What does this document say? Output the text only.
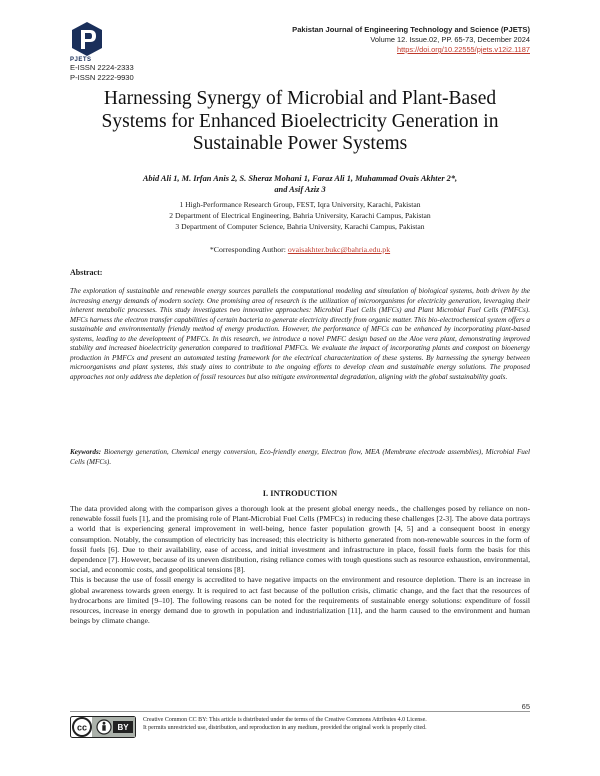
PJETS
E-ISSN 2224-2333
P-ISSN 2222-9930
Pakistan Journal of Engineering Technology and Science (PJETS)
Volume 12. Issue.02, PP. 65-73, December 2024
https://doi.org/10.22555/pjets.v12i2.1187
Harnessing Synergy of Microbial and Plant-Based Systems for Enhanced Bioelectricity Generation in Sustainable Power Systems
Abid Ali 1, M. Irfan Anis 2, S. Sheraz Mohani 1, Faraz Ali 1, Muhammad Ovais Akhter 2*,
and Asif Aziz 3
1 High-Performance Research Group, FEST, Iqra University, Karachi, Pakistan
2 Department of Electrical Engineering, Bahria University, Karachi Campus, Pakistan
3 Department of Computer Science, Bahria University, Karachi Campus, Pakistan
*Corresponding Author: ovaisakhter.bukc@bahria.edu.pk
Abstract:
The exploration of sustainable and renewable energy sources parallels the computational modeling and simulation of biological systems, both driven by the increasing energy demands of modern society. One promising area of research is the utilization of microorganisms for electricity generation, leveraging their inherent metabolic processes. This study investigates two innovative approaches: Microbial Fuel Cells (MFCs) and Plant Microbial Fuel Cells (PMFCs). MFCs harness the electron transfer capabilities of certain bacteria to generate electricity directly from organic matter. This bio-electrochemical system offers a sustainable and environmentally friendly method of energy production. However, the performance of MFCs can be enhanced by incorporating plant-based systems, leading to the development of PMFCs. In this research, we introduce a novel PMFC design based on the Aloe vera plant, demonstrating improved stability and increased bioelectricity generation compared to traditional PMFCs. We evaluate the impact of incorporating plants and compost on bioenergy production in PMFCs and present an automated testing framework for the electrical characterization of these systems. By harnessing the synergy between microorganisms and plant systems, this study aims to contribute to the ongoing efforts to develop clean and sustainable energy solutions. The proposed approaches not only address the depletion of fossil resources but also mitigate environmental degradation, aligning with the global sustainability goals.
Keywords: Bioenergy generation, Chemical energy conversion, Eco-friendly energy, Electron flow, MEA (Membrane electrode assemblies), Microbial Fuel Cells (MFCs).
I. INTRODUCTION

The data provided along with the comparison gives a thorough look at the present global energy needs., the challenges posed by reliance on non-renewable fossil fuels [1], and the promising role of Plant-Microbial Fuel Cells (PMFCs) in reducing these challenges [2-3]. The above data portrays a world that is experiencing general improvement in well-being, hence faster population growth [4, 5] and a consequent boost in energy consumption. Notably, the consumption of electricity has increased; this electricity is hitherto generated from non-renewable sources in the form of fossil fuels [6]. Due to their availability, ease of access, and initial investment and infrastructure in place, fossil fuels form the basis for this dependence [7]. However, because of its uneven distribution, rising reliance comes with tough questions such as resource exhaustion, environmental, social, and economic costs, and geopolitical tensions [8].

This is because the use of fossil energy is accredited to have negative impacts on the environment and resource depletion. There is an increase in global awareness towards green energy. It is required to act fast because of the pollution crisis, climatic change, and the fact that the resources of hydrocarbons are limited [9–10]. The following reasons can be noted for the requirements of sustainable energy solutions: expenditure of fossil resources, increase in energy demand due to growth in population and industrialization [11], and the harm caused to the environment and human beings by climate change.

65
cc	BY
Creative Common CC BY: This article is distributed under the terms of the Creative Commons Attributes 4.0 License.
It permits unrestricted use, distribution, and reproduction in any medium, provided the original work is properly cited.
